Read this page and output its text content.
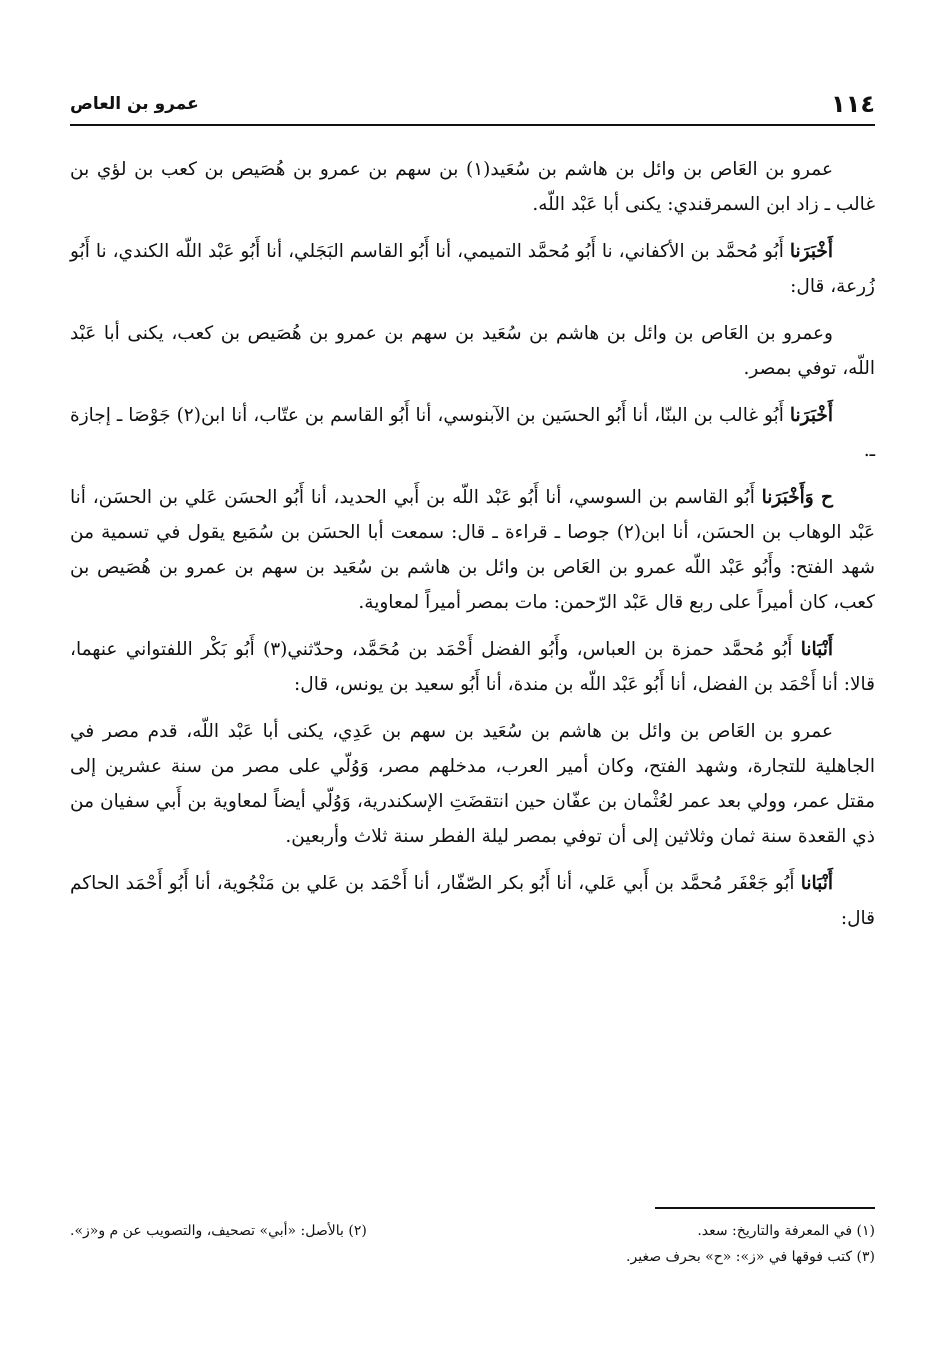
١١٤
عمرو بن العاص

عمرو بن العَاص بن وائل بن هاشم بن سُعَيد(١) بن سهم بن عمرو بن هُصَيص بن كعب بن لؤي بن غالب ـ زاد ابن السمرقندي: يكنى أبا عَبْد اللّه.

أَخْبَرَنا أَبُو مُحمَّد بن الأكفاني، نا أَبُو مُحمَّد التميمي، أنا أَبُو القاسم البَجَلي، أنا أَبُو عَبْد اللّه الكندي، نا أَبُو زُرعة، قال:

وعمرو بن العَاص بن وائل بن هاشم بن سُعَيد بن سهم بن عمرو بن هُصَيص بن كعب، يكنى أبا عَبْد اللّه، توفي بمصر.

أَخْبَرَنا أَبُو غالب بن البنّا، أنا أَبُو الحسَين بن الآبنوسي، أنا أَبُو القاسم بن عتّاب، أنا ابن(٢) جَوْصَا ـ إجازة ـ.

ح وَأَخْبَرَنا أَبُو القاسم بن السوسي، أنا أَبُو عَبْد اللّه بن أَبي الحديد، أنا أَبُو الحسَن عَلي بن الحسَن، أنا عَبْد الوهاب بن الحسَن، أنا ابن(٢) جوصا ـ قراءة ـ قال: سمعت أبا الحسَن بن سُمَيع يقول في تسمية من شهد الفتح: وأَبُو عَبْد اللّه عمرو بن العَاص بن وائل بن هاشم بن سُعَيد بن سهم بن عمرو بن هُصَيص بن كعب، كان أميراً على ربع قال عَبْد الرّحمن: مات بمصر أميراً لمعاوية.

أَنْبَانا أَبُو مُحمَّد حمزة بن العباس، وأَبُو الفضل أَحْمَد بن مُحَمَّد، وحدّثني(٣) أَبُو بَكْر اللفتواني عنهما، قالا: أنا أَحْمَد بن الفضل، أنا أَبُو عَبْد اللّه بن مندة، أنا أَبُو سعيد بن يونس، قال:

عمرو بن العَاص بن وائل بن هاشم بن سُعَيد بن سهم بن عَدِي، يكنى أبا عَبْد اللّه، قدم مصر في الجاهلية للتجارة، وشهد الفتح، وكان أمير العرب، مدخلهم مصر، وَوُلّي على مصر من سنة عشرين إلى مقتل عمر، وولي بعد عمر لعُثْمان بن عفّان حين انتقضَتِ الإسكندرية، وَوُلّي أيضاً لمعاوية بن أَبي سفيان من ذي القعدة سنة ثمان وثلاثين إلى أن توفي بمصر ليلة الفطر سنة ثلاث وأربعين.

أَنْبَانا أَبُو جَعْفَر مُحمَّد بن أَبي عَلي، أنا أَبُو بكر الصّفّار، أنا أَحْمَد بن عَلي بن مَنْجُوية، أنا أَبُو أَحْمَد الحاكم قال:

(١) في المعرفة والتاريخ: سعد.
(٢) بالأصل: «أبي» تصحيف، والتصويب عن م و«ز».
(٣) كتب فوقها في «ز»: «ح» بحرف صغير.
